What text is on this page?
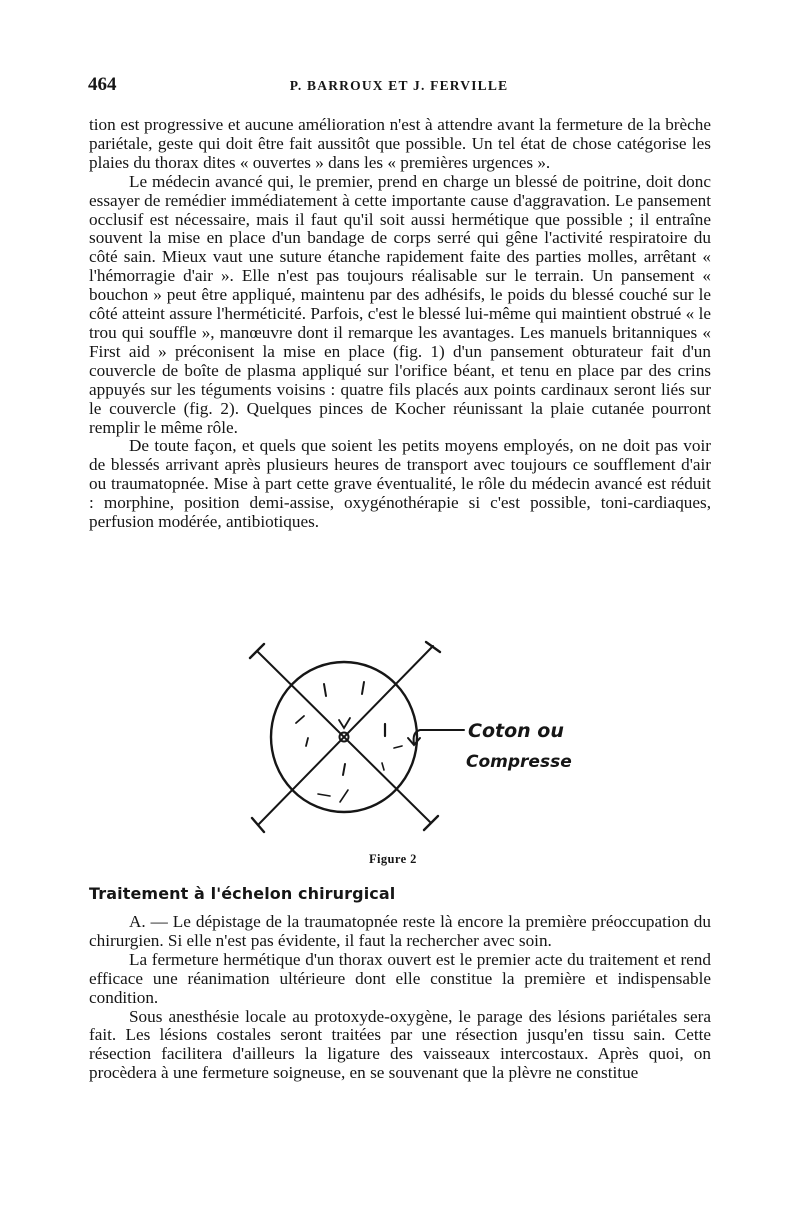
464	P. BARROUX ET J. FERVILLE

tion est progressive et aucune amélioration n'est à attendre avant la fermeture de la brèche pariétale, geste qui doit être fait aussitôt que possible. Un tel état de chose catégorise les plaies du thorax dites « ouvertes » dans les « premières urgences ».

Le médecin avancé qui, le premier, prend en charge un blessé de poitrine, doit donc essayer de remédier immédiatement à cette importante cause d'aggravation. Le pansement occlusif est nécessaire, mais il faut qu'il soit aussi hermétique que possible ; il entraîne souvent la mise en place d'un bandage de corps serré qui gêne l'activité respiratoire du côté sain. Mieux vaut une suture étanche rapidement faite des parties molles, arrêtant « l'hémorragie d'air ». Elle n'est pas toujours réalisable sur le terrain. Un pansement « bouchon » peut être appliqué, maintenu par des adhésifs, le poids du blessé couché sur le côté atteint assure l'herméticité. Parfois, c'est le blessé lui-même qui maintient obstrué « le trou qui souffle », manœuvre dont il remarque les avantages. Les manuels britanniques « First aid » préconisent la mise en place (fig. 1) d'un pansement obturateur fait d'un couvercle de boîte de plasma appliqué sur l'orifice béant, et tenu en place par des crins appuyés sur les téguments voisins : quatre fils placés aux points cardinaux seront liés sur le couvercle (fig. 2). Quelques pinces de Kocher réunissant la plaie cutanée pourront remplir le même rôle.

De toute façon, et quels que soient les petits moyens employés, on ne doit pas voir de blessés arrivant après plusieurs heures de transport avec toujours ce soufflement d'air ou traumatopnée. Mise à part cette grave éventualité, le rôle du médecin avancé est réduit : morphine, position demi-assise, oxygénothérapie si c'est possible, toni-cardiaques, perfusion modérée, antibiotiques.

Coton ou
Compresse
Figure 2
Traitement à l'échelon chirurgical

A. — Le dépistage de la traumatopnée reste là encore la première préoccupation du chirurgien. Si elle n'est pas évidente, il faut la rechercher avec soin.

La fermeture hermétique d'un thorax ouvert est le premier acte du traitement et rend efficace une réanimation ultérieure dont elle constitue la première et indispensable condition.

Sous anesthésie locale au protoxyde-oxygène, le parage des lésions pariétales sera fait. Les lésions costales seront traitées par une résection jusqu'en tissu sain. Cette résection facilitera d'ailleurs la ligature des vaisseaux intercostaux. Après quoi, on procèdera à une fermeture soigneuse, en se souvenant que la plèvre ne constitue
